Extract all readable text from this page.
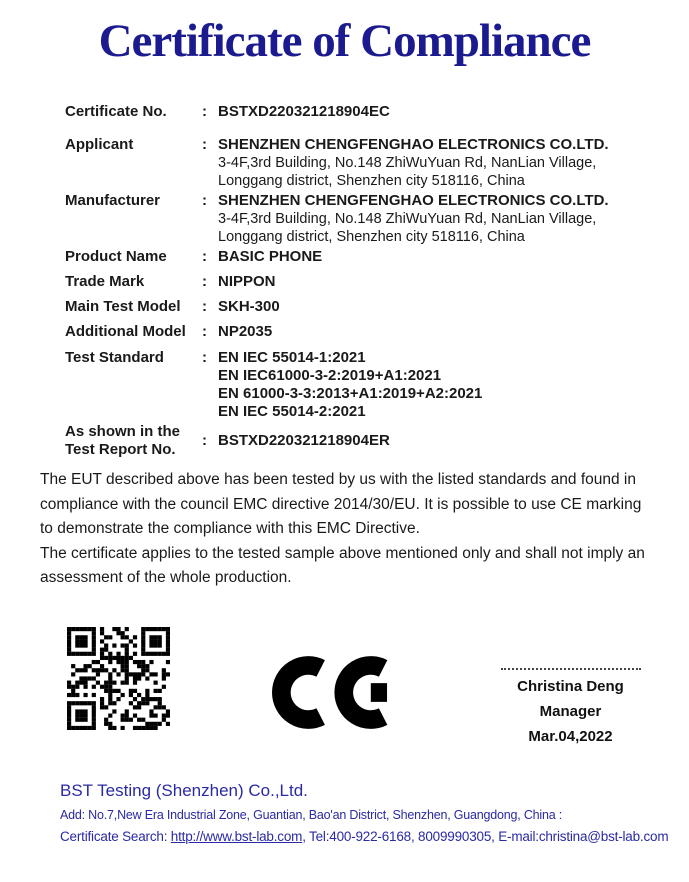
Certificate of Compliance
Certificate No.	: BSTXD220321218904EC
Applicant	: SHENZHEN CHENGFENGHAO ELECTRONICS CO.LTD.
3-4F,3rd Building, No.148 ZhiWuYuan Rd, NanLian Village,
Longgang district, Shenzhen city 518116, China
Manufacturer	: SHENZHEN CHENGFENGHAO ELECTRONICS CO.LTD.
3-4F,3rd Building, No.148 ZhiWuYuan Rd, NanLian Village,
Longgang district, Shenzhen city 518116, China
Product Name	: BASIC PHONE
Trade Mark	: NIPPON
Main Test Model	: SKH-300
Additional Model	: NP2035
Test Standard	: EN IEC 55014-1:2021
EN IEC61000-3-2:2019+A1:2021
EN 61000-3-3:2013+A1:2019+A2:2021
EN IEC 55014-2:2021
As shown in the
Test Report No.
: BSTXD220321218904ER

The EUT described above has been tested by us with the listed standards and found in compliance with the council EMC directive 2014/30/EU. It is possible to use CE marking to demonstrate the compliance with this EMC Directive.

The certificate applies to the tested sample above mentioned only and shall not imply an assessment of the whole production.

Christina Deng
Manager
Mar.04,2022
BST Testing (Shenzhen) Co.,Ltd.
Add: No.7,New Era Industrial Zone, Guantian, Bao'an District, Shenzhen, Guangdong, China :
Certificate Search: http://www.bst-lab.com, Tel:400-922-6168, 8009990305, E-mail:christina@bst-lab.com
